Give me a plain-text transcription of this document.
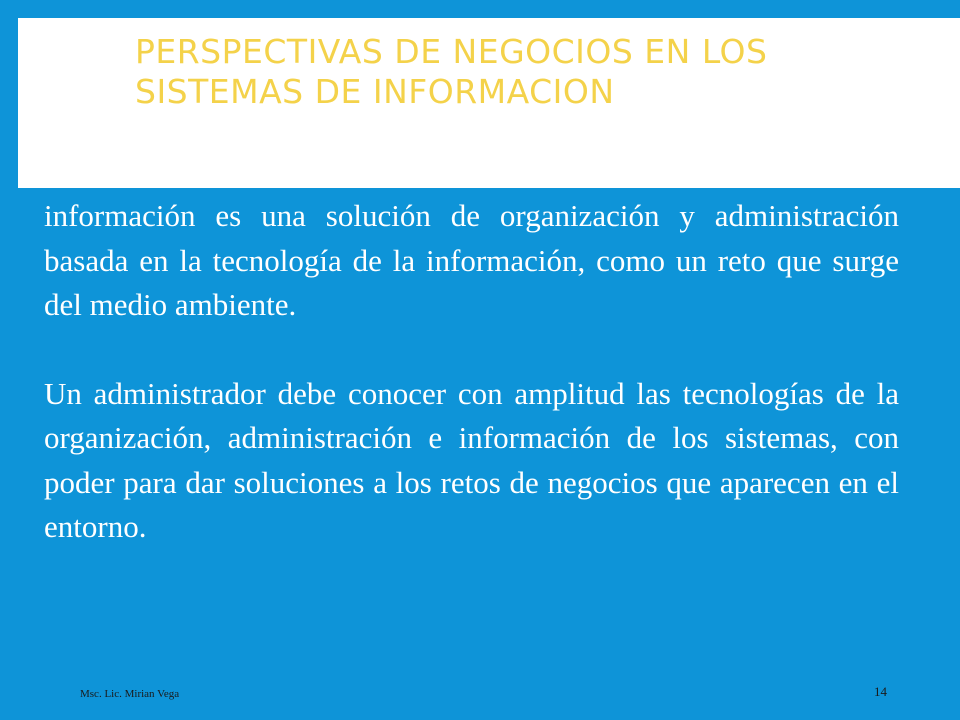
PERSPECTIVAS DE NEGOCIOS EN LOS SISTEMAS DE INFORMACION

información es una solución de organización y administración basada en la tecnología de la información, como un reto que surge del medio ambiente.

Un administrador debe conocer con amplitud las tecnologías de la organización, administración e información de los sistemas, con poder para dar soluciones a los retos de negocios que aparecen en el entorno.

Msc. Lic. Mirian Vega	14
